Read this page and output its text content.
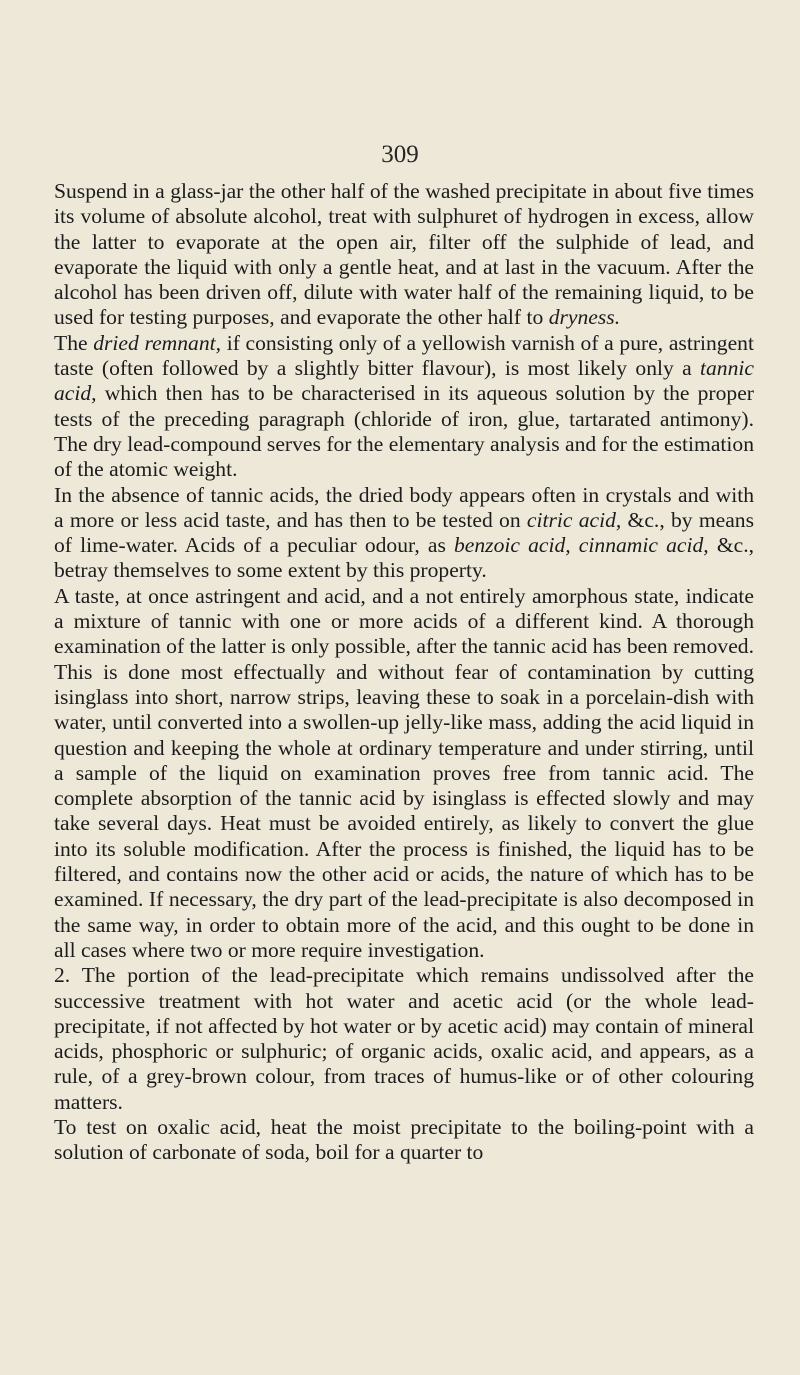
309

Suspend in a glass-jar the other half of the washed precipitate in about five times its volume of absolute alcohol, treat with sulphuret of hydrogen in excess, allow the latter to evaporate at the open air, filter off the sulphide of lead, and evaporate the liquid with only a gentle heat, and at last in the vacuum. After the alcohol has been driven off, dilute with water half of the remaining liquid, to be used for testing purposes, and evaporate the other half to dryness.

The dried remnant, if consisting only of a yellowish varnish of a pure, astringent taste (often followed by a slightly bitter flavour), is most likely only a tannic acid, which then has to be characterised in its aqueous solution by the proper tests of the preceding paragraph (chloride of iron, glue, tartarated antimony). The dry lead-compound serves for the elementary analysis and for the estimation of the atomic weight.

In the absence of tannic acids, the dried body appears often in crystals and with a more or less acid taste, and has then to be tested on citric acid, &c., by means of lime-water. Acids of a peculiar odour, as benzoic acid, cinnamic acid, &c., betray themselves to some extent by this property.

A taste, at once astringent and acid, and a not entirely amorphous state, indicate a mixture of tannic with one or more acids of a different kind. A thorough examination of the latter is only possible, after the tannic acid has been removed. This is done most effectually and without fear of contamination by cutting isinglass into short, narrow strips, leaving these to soak in a porcelain-dish with water, until converted into a swollen-up jelly-like mass, adding the acid liquid in question and keeping the whole at ordinary temperature and under stirring, until a sample of the liquid on examination proves free from tannic acid. The complete absorption of the tannic acid by isinglass is effected slowly and may take several days. Heat must be avoided entirely, as likely to convert the glue into its soluble modification. After the process is finished, the liquid has to be filtered, and contains now the other acid or acids, the nature of which has to be examined. If necessary, the dry part of the lead-precipitate is also decomposed in the same way, in order to obtain more of the acid, and this ought to be done in all cases where two or more require investigation.

2. The portion of the lead-precipitate which remains undissolved after the successive treatment with hot water and acetic acid (or the whole lead-precipitate, if not affected by hot water or by acetic acid) may contain of mineral acids, phosphoric or sulphuric; of organic acids, oxalic acid, and appears, as a rule, of a grey-brown colour, from traces of humus-like or of other colouring matters.

To test on oxalic acid, heat the moist precipitate to the boiling-point with a solution of carbonate of soda, boil for a quarter to
